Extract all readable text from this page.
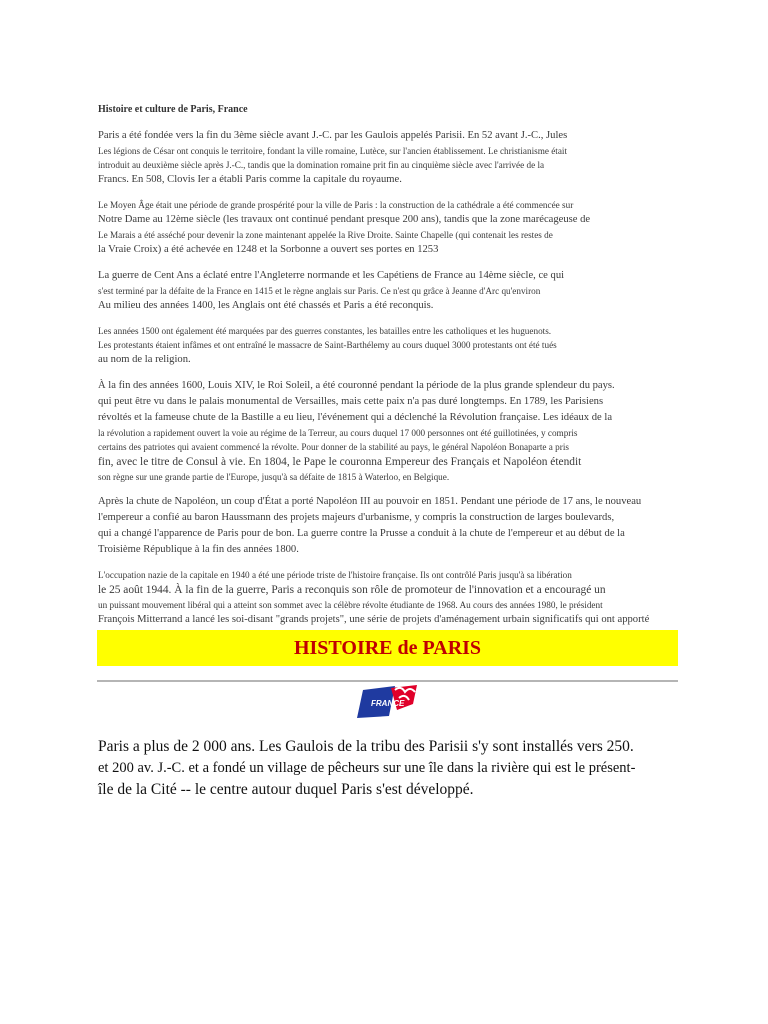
Histoire et culture de Paris, France
Paris a été fondée vers la fin du 3ème siècle avant J.-C. par les Gaulois appelés Parisii. En 52 avant J.-C., Jules
Les légions de César ont conquis le territoire, fondant la ville romaine, Lutèce, sur l'ancien établissement. Le christianisme était
introduit au deuxième siècle après J.-C., tandis que la domination romaine prit fin au cinquième siècle avec l'arrivée de la
Francs. En 508, Clovis Ier a établi Paris comme la capitale du royaume.
Le Moyen Âge était une période de grande prospérité pour la ville de Paris : la construction de la cathédrale a été commencée sur
Notre Dame au 12ème siècle (les travaux ont continué pendant presque 200 ans), tandis que la zone marécageuse de
Le Marais a été asséché pour devenir la zone maintenant appelée la Rive Droite. Sainte Chapelle (qui contenait les restes de
la Vraie Croix) a été achevée en 1248 et la Sorbonne a ouvert ses portes en 1253
La guerre de Cent Ans a éclaté entre l'Angleterre normande et les Capétiens de France au 14ème siècle, ce qui
s'est terminé par la défaite de la France en 1415 et le règne anglais sur Paris. Ce n'est qu grâce à Jeanne d'Arc qu'environ
Au milieu des années 1400, les Anglais ont été chassés et Paris a été reconquis.
Les années 1500 ont également été marquées par des guerres constantes, les batailles entre les catholiques et les huguenots.
Les protestants étaient infâmes et ont entraîné le massacre de Saint-Barthélemy au cours duquel 3000 protestants ont été tués
au nom de la religion.
À la fin des années 1600, Louis XIV, le Roi Soleil, a été couronné pendant la période de la plus grande splendeur du pays.
qui peut être vu dans le palais monumental de Versailles, mais cette paix n'a pas duré longtemps. En 1789, les Parisiens
révoltés et la fameuse chute de la Bastille a eu lieu, l'événement qui a déclenché la Révolution française. Les idéaux de la
la révolution a rapidement ouvert la voie au régime de la Terreur, au cours duquel 17 000 personnes ont été guillotinées, y compris
certains des patriotes qui avaient commencé la révolte. Pour donner de la stabilité au pays, le général Napoléon Bonaparte a pris
fin, avec le titre de Consul à vie. En 1804, le Pape le couronna Empereur des Français et Napoléon étendit
son règne sur une grande partie de l'Europe, jusqu'à sa défaite de 1815 à Waterloo, en Belgique.
Après la chute de Napoléon, un coup d'État a porté Napoléon III au pouvoir en 1851. Pendant une période de 17 ans, le nouveau
l'empereur a confié au baron Haussmann des projets majeurs d'urbanisme, y compris la construction de larges boulevards,
qui a changé l'apparence de Paris pour de bon. La guerre contre la Prusse a conduit à la chute de l'empereur et au début de la
Troisième République à la fin des années 1800.
L'occupation nazie de la capitale en 1940 a été une période triste de l'histoire française. Ils ont contrôlé Paris jusqu'à sa libération
le 25 août 1944. À la fin de la guerre, Paris a reconquis son rôle de promoteur de l'innovation et a encouragé un
un puissant mouvement libéral qui a atteint son sommet avec la célèbre révolte étudiante de 1968. Au cours des années 1980, le président
François Mitterrand a lancé les soi-disant "grands projets", une série de projets d'aménagement urbain significatifs qui ont apporté
HISTOIRE de PARIS
FRANCE
Paris a plus de 2 000 ans. Les Gaulois de la tribu des Parisii s'y sont installés vers 250.
et 200 av. J.-C. et a fondé un village de pêcheurs sur une île dans la rivière qui est le présent-
île de la Cité -- le centre autour duquel Paris s'est développé.
